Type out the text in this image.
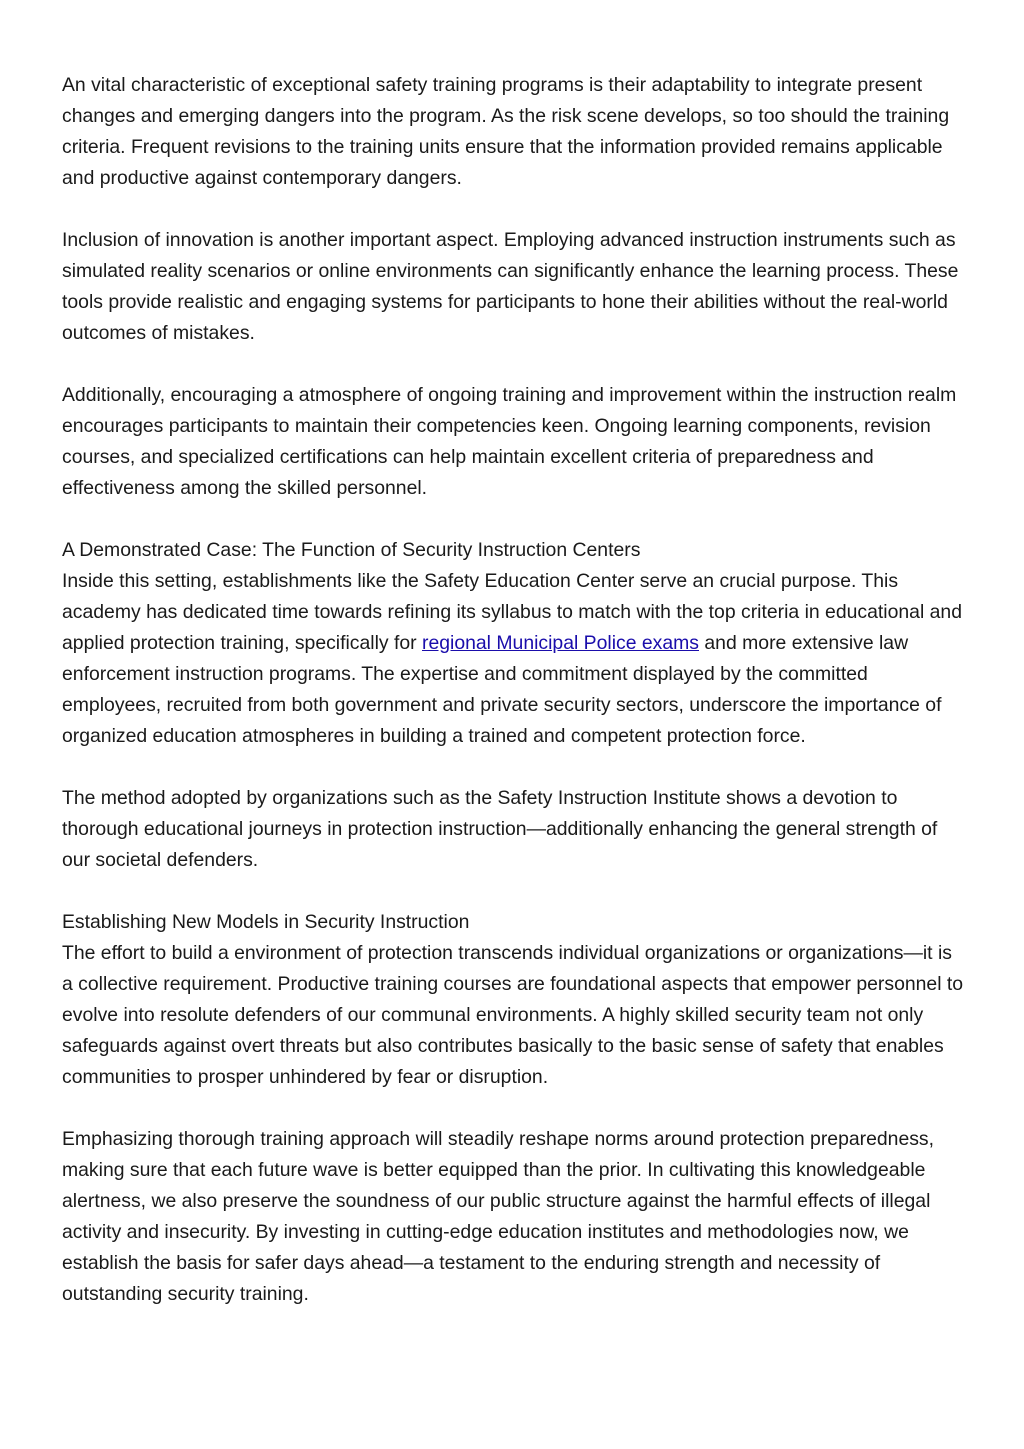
An vital characteristic of exceptional safety training programs is their adaptability to integrate present changes and emerging dangers into the program. As the risk scene develops, so too should the training criteria. Frequent revisions to the training units ensure that the information provided remains applicable and productive against contemporary dangers.

Inclusion of innovation is another important aspect. Employing advanced instruction instruments such as simulated reality scenarios or online environments can significantly enhance the learning process. These tools provide realistic and engaging systems for participants to hone their abilities without the real-world outcomes of mistakes.

Additionally, encouraging a atmosphere of ongoing training and improvement within the instruction realm encourages participants to maintain their competencies keen. Ongoing learning components, revision courses, and specialized certifications can help maintain excellent criteria of preparedness and effectiveness among the skilled personnel.

A Demonstrated Case: The Function of Security Instruction Centers

Inside this setting, establishments like the Safety Education Center serve an crucial purpose. This academy has dedicated time towards refining its syllabus to match with the top criteria in educational and applied protection training, specifically for regional Municipal Police exams and more extensive law enforcement instruction programs. The expertise and commitment displayed by the committed employees, recruited from both government and private security sectors, underscore the importance of organized education atmospheres in building a trained and competent protection force.

The method adopted by organizations such as the Safety Instruction Institute shows a devotion to thorough educational journeys in protection instruction—additionally enhancing the general strength of our societal defenders.

Establishing New Models in Security Instruction

The effort to build a environment of protection transcends individual organizations or organizations—it is a collective requirement. Productive training courses are foundational aspects that empower personnel to evolve into resolute defenders of our communal environments. A highly skilled security team not only safeguards against overt threats but also contributes basically to the basic sense of safety that enables communities to prosper unhindered by fear or disruption.

Emphasizing thorough training approach will steadily reshape norms around protection preparedness, making sure that each future wave is better equipped than the prior. In cultivating this knowledgeable alertness, we also preserve the soundness of our public structure against the harmful effects of illegal activity and insecurity. By investing in cutting-edge education institutes and methodologies now, we establish the basis for safer days ahead—a testament to the enduring strength and necessity of outstanding security training.
